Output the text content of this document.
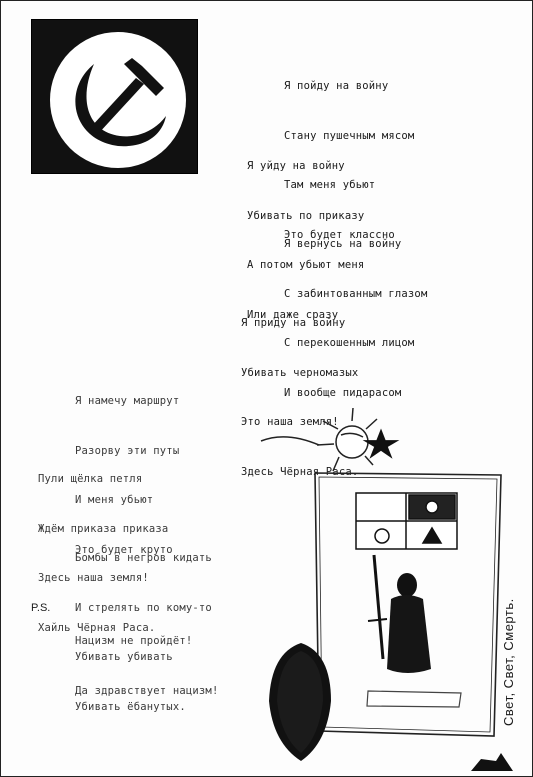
Я пойду на войну

Стану пушечным мясом

Там меня убьют

Это будет классно

Я уйду на войну

Убивать по приказу

А потом убьют меня

Или даже сразу

Я вернусь на войну

С забинтованным глазом

С перекошенным лицом

И вообще пидарасом

Я приду на войну

Убивать черномазых

Это наша земля!

Здесь Чёрная Раса.

Я намечу маршрут

Разорву эти путы

И меня убьют

Это будет круто

Пули щёлка петля

Ждём приказа приказа

Здесь наша земля!

Хайль Чёрная Раса.

Бомбы в негров кидать

И стрелять по кому-то

Убивать убивать

Убивать ёбанутых.

P.S.

Нацизм не пройдёт!

Да здравствует нацизм!

	Свет, Свет, Смерть.
